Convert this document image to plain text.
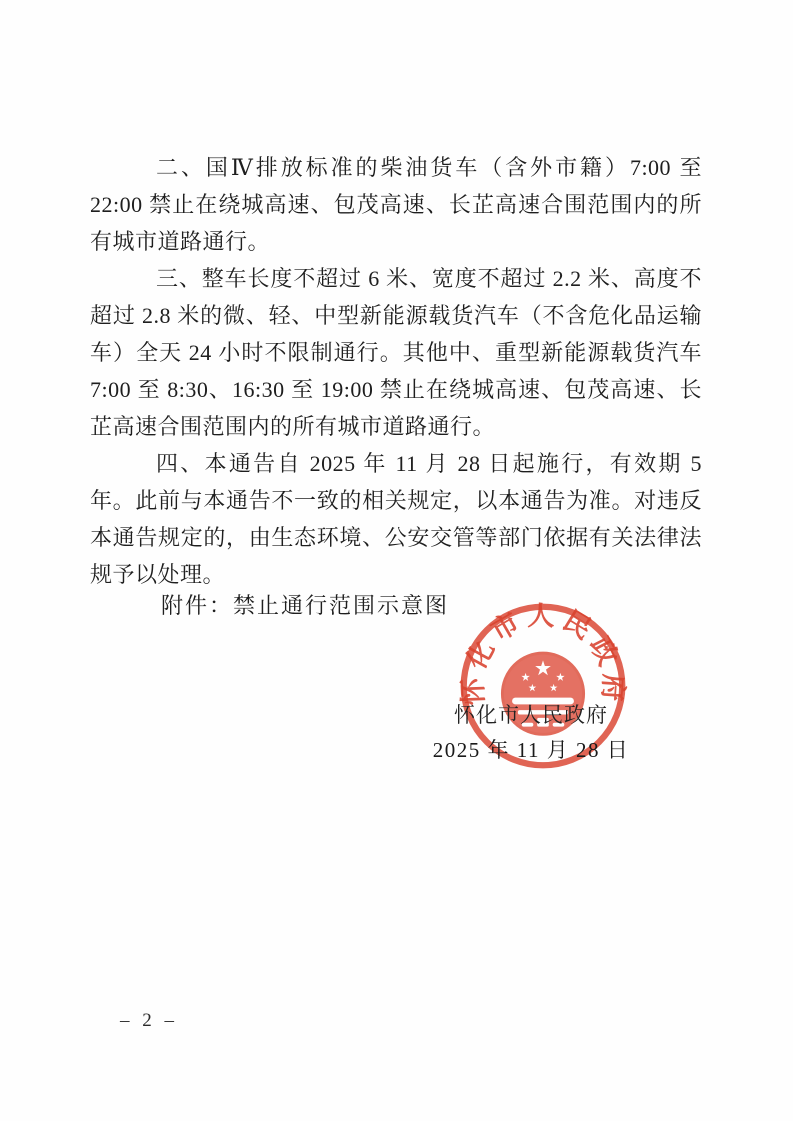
二、国Ⅳ排放标准的柴油货车（含外市籍）7:00 至 22:00 禁止在绕城高速、包茂高速、长芷高速合围范围内的所有城市道路通行。

三、整车长度不超过 6 米、宽度不超过 2.2 米、高度不超过 2.8 米的微、轻、中型新能源载货汽车（不含危化品运输车）全天 24 小时不限制通行。其他中、重型新能源载货汽车 7:00 至 8:30、16:30 至 19:00 禁止在绕城高速、包茂高速、长芷高速合围范围内的所有城市道路通行。

四、本通告自 2025 年 11 月 28 日起施行，有效期 5 年。此前与本通告不一致的相关规定，以本通告为准。对违反本通告规定的，由生态环境、公安交管等部门依据有关法律法规予以处理。

附件：禁止通行范围示意图
怀化市人民政府
怀化市人民政府
2025 年 11 月 28 日
– 2 –
